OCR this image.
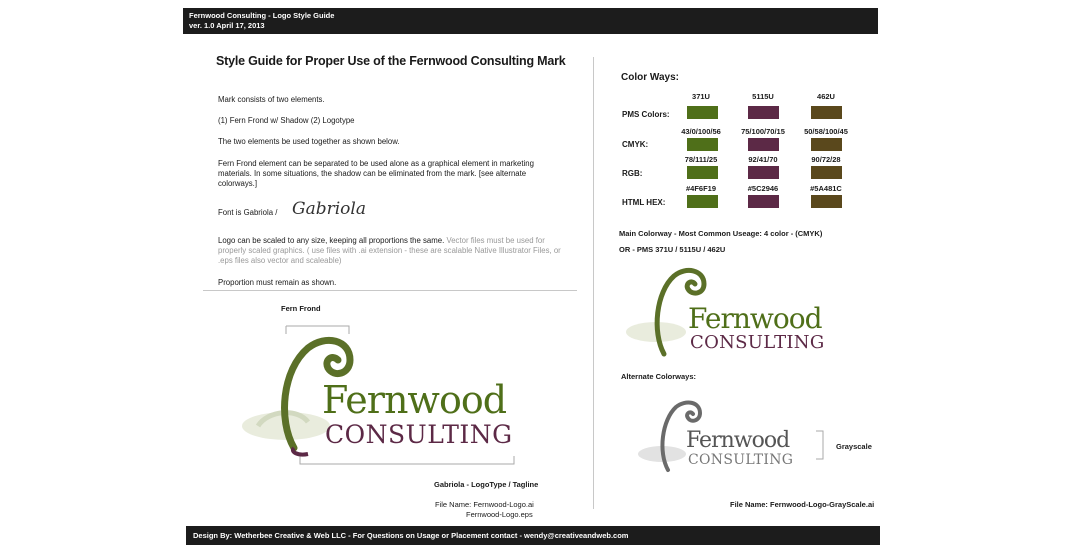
Fernwood Consulting - Logo Style Guide
ver. 1.0 April 17, 2013
Style Guide for Proper Use of the Fernwood Consulting Mark
Mark consists of two elements.
(1) Fern Frond w/ Shadow (2) Logotype
The two elements be used together as shown below.
Fern Frond element can be separated to be used alone as a graphical element in marketing materials. In some situations, the shadow can be eliminated from the mark. [see alternate colorways.]
Font is Gabriola / Gabriola
Logo can be scaled to any size, keeping all proportions the same. Vector files must be used for properly scaled graphics. ( use files with .ai extension - these are scalable Native Illustrator Files, or .eps files also vector and scaleable)
Proportion must remain as shown.
Fern Frond
Fernwood
CONSULTING
Gabriola - LogoType / Tagline
File Name: Fernwood-Logo.ai
Fernwood-Logo.eps
Color Ways:
PMS Colors:
CMYK:
RGB:
HTML HEX:
371U
43/0/100/56
78/111/25
#4F6F19
5115U
75/100/70/15
92/41/70
#5C2946
462U
50/58/100/45
90/72/28
#5A481C
Main Colorway - Most Common Useage: 4 color - (CMYK)
OR - PMS 371U / 5115U / 462U
Fernwood
CONSULTING
Alternate Colorways:
Fernwood
CONSULTING
Grayscale
File Name: Fernwood-Logo-GrayScale.ai
Design By: Wetherbee Creative & Web LLC - For Questions on Usage or Placement contact - wendy@creativeandweb.com
